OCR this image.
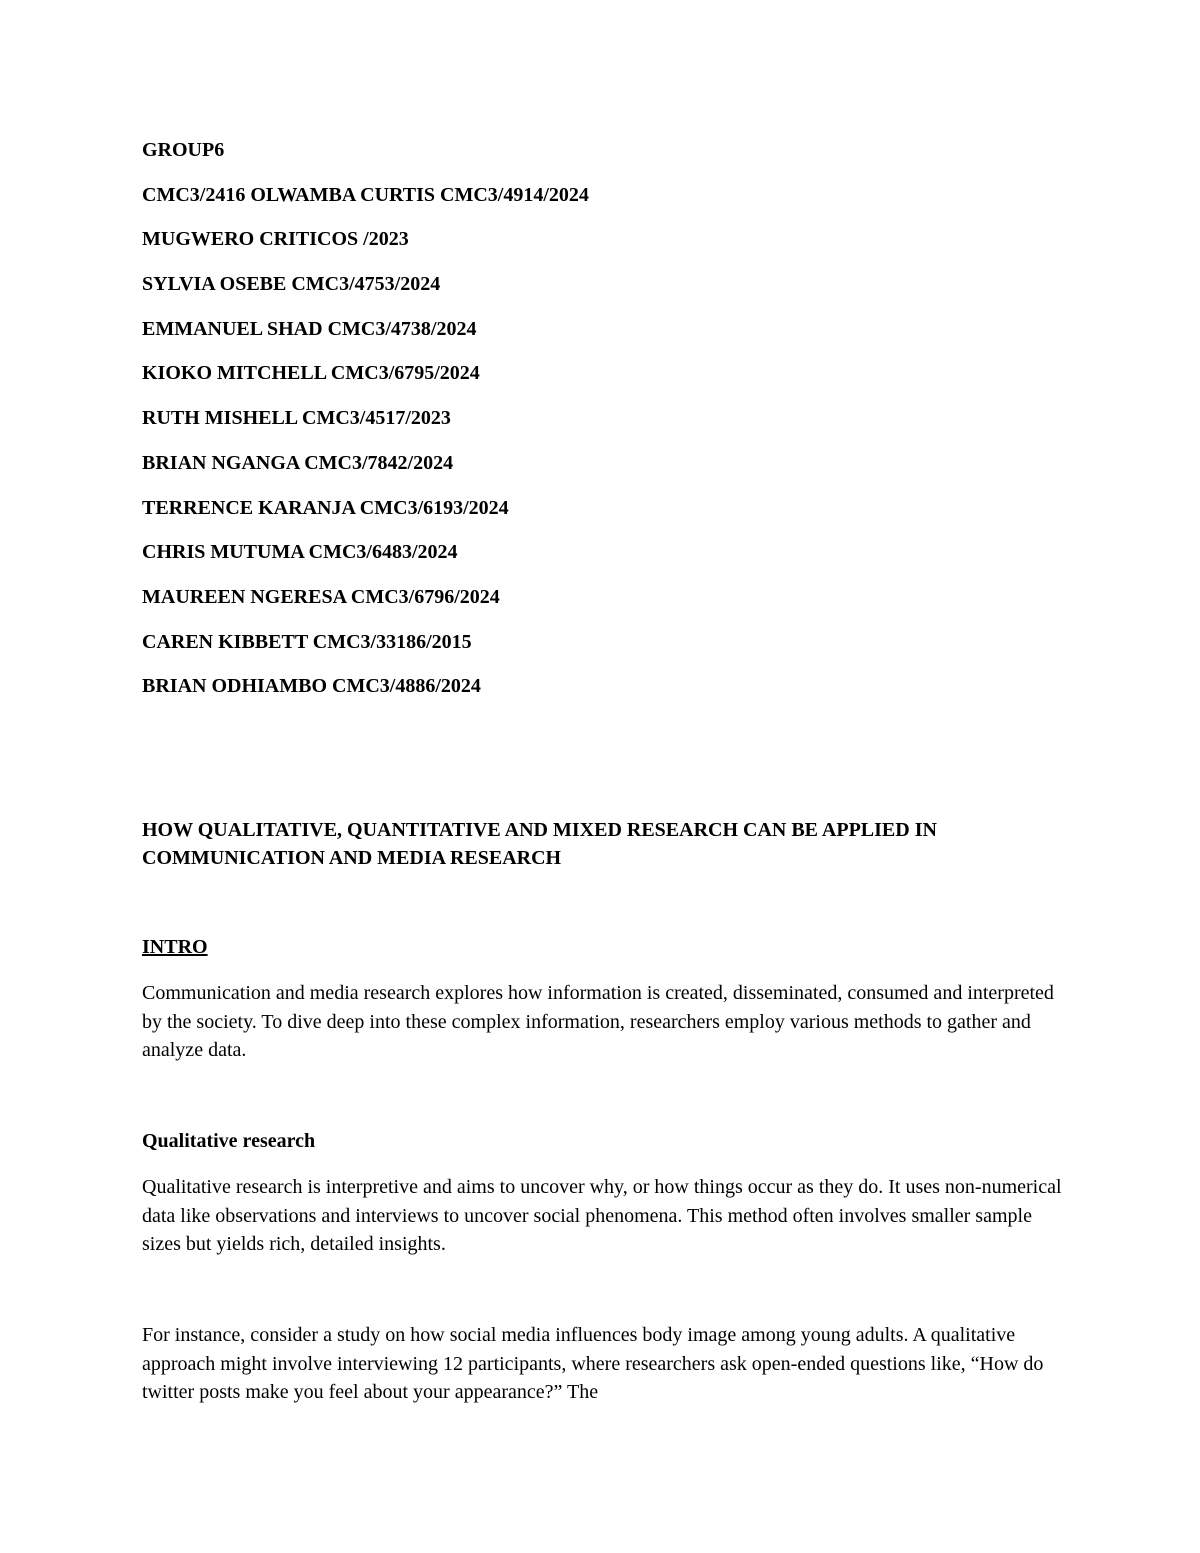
GROUP6
CMC3/2416 OLWAMBA CURTIS CMC3/4914/2024
MUGWERO CRITICOS /2023
SYLVIA OSEBE CMC3/4753/2024
EMMANUEL SHAD CMC3/4738/2024
KIOKO MITCHELL CMC3/6795/2024
RUTH MISHELL CMC3/4517/2023
BRIAN NGANGA CMC3/7842/2024
TERRENCE KARANJA CMC3/6193/2024
CHRIS MUTUMA CMC3/6483/2024
MAUREEN NGERESA CMC3/6796/2024
CAREN KIBBETT CMC3/33186/2015
BRIAN ODHIAMBO CMC3/4886/2024
HOW QUALITATIVE, QUANTITATIVE AND MIXED RESEARCH CAN BE APPLIED IN COMMUNICATION AND MEDIA RESEARCH
INTRO
Communication and media research explores how information is created, disseminated, consumed and interpreted by the society. To dive deep into these complex information, researchers employ various methods to gather and analyze data.
Qualitative research
Qualitative research is interpretive and aims to uncover why, or how things occur as they do. It uses non-numerical data like observations and interviews to uncover social phenomena. This method often involves smaller sample sizes but yields rich, detailed insights.
For instance, consider a study on how social media influences body image among young adults. A qualitative approach might involve interviewing 12 participants, where researchers ask open-ended questions like, “How do twitter posts make you feel about your appearance?” The
